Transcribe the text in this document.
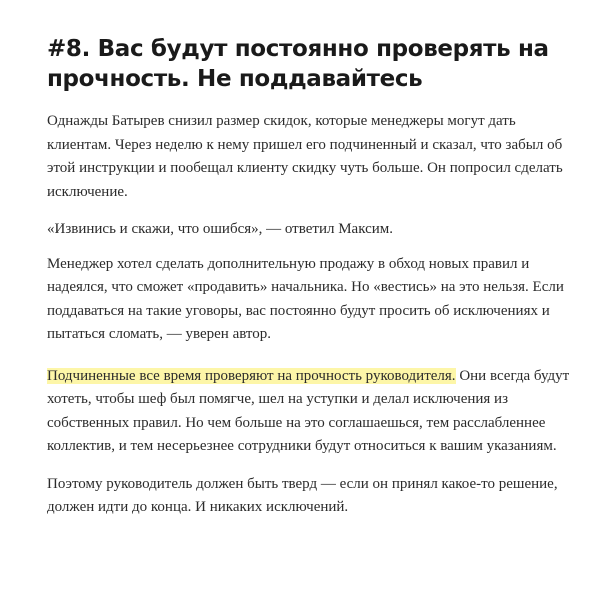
#8. Вас будут постоянно проверять на прочность. Не поддавайтесь

Однажды Батырев снизил размер скидок, которые менеджеры могут дать клиентам. Через неделю к нему пришел его подчиненный и сказал, что забыл об этой инструкции и пообещал клиенту скидку чуть больше. Он попросил сделать исключение.

«Извинись и скажи, что ошибся», — ответил Максим.

Менеджер хотел сделать дополнительную продажу в обход новых правил и надеялся, что сможет «продавить» начальника. Но «вестись» на это нельзя. Если поддаваться на такие уговоры, вас постоянно будут просить об исключениях и пытаться сломать, — уверен автор.

Подчиненные все время проверяют на прочность руководителя. Они всегда будут хотеть, чтобы шеф был помягче, шел на уступки и делал исключения из собственных правил. Но чем больше на это соглашаешься, тем расслабленнее коллектив, и тем несерьезнее сотрудники будут относиться к вашим указаниям.

Поэтому руководитель должен быть тверд — если он принял какое-то решение, должен идти до конца. И никаких исключений.
